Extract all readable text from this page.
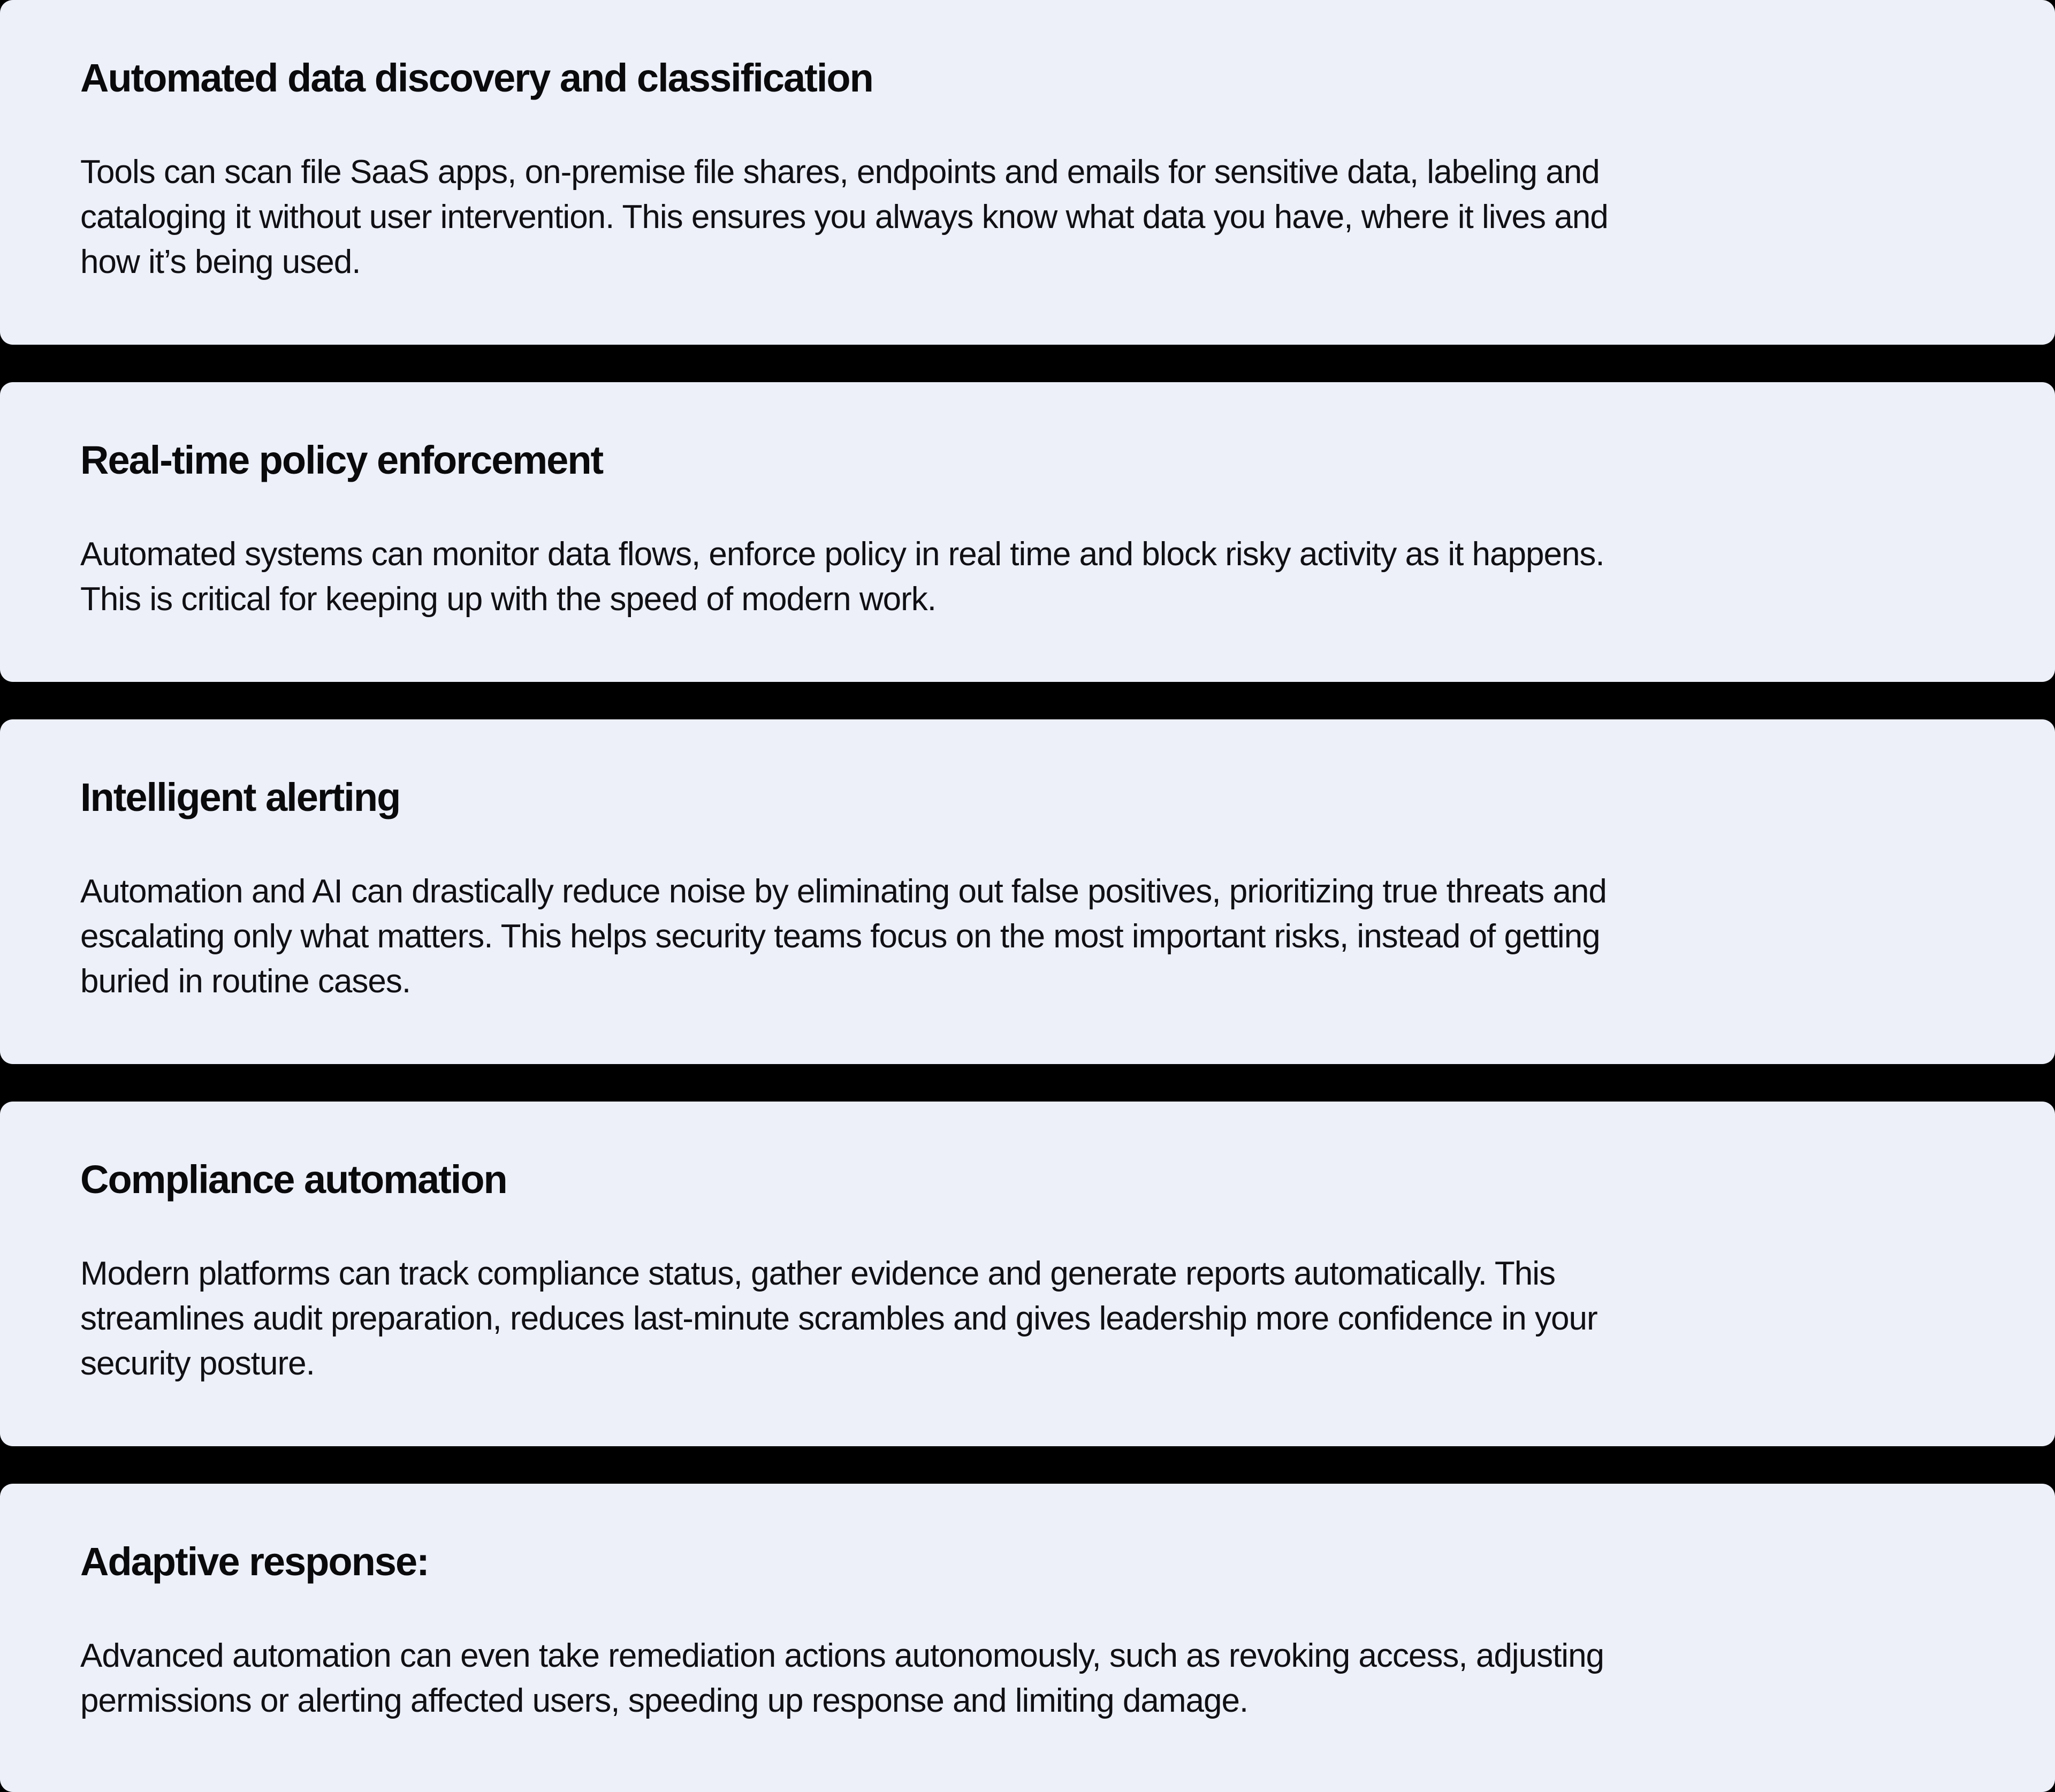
Automated data discovery and classification
Tools can scan file SaaS apps, on-premise file shares, endpoints and emails for sensitive data, labeling and
cataloging it without user intervention. This ensures you always know what data you have, where it lives and
how it’s being used.
Real-time policy enforcement
Automated systems can monitor data flows, enforce policy in real time and block risky activity as it happens.
This is critical for keeping up with the speed of modern work.
Intelligent alerting
Automation and AI can drastically reduce noise by eliminating out false positives, prioritizing true threats and
escalating only what matters. This helps security teams focus on the most important risks, instead of getting
buried in routine cases.
Compliance automation
Modern platforms can track compliance status, gather evidence and generate reports automatically. This
streamlines audit preparation, reduces last-minute scrambles and gives leadership more confidence in your
security posture.
Adaptive response:
Advanced automation can even take remediation actions autonomously, such as revoking access, adjusting
permissions or alerting affected users, speeding up response and limiting damage.
